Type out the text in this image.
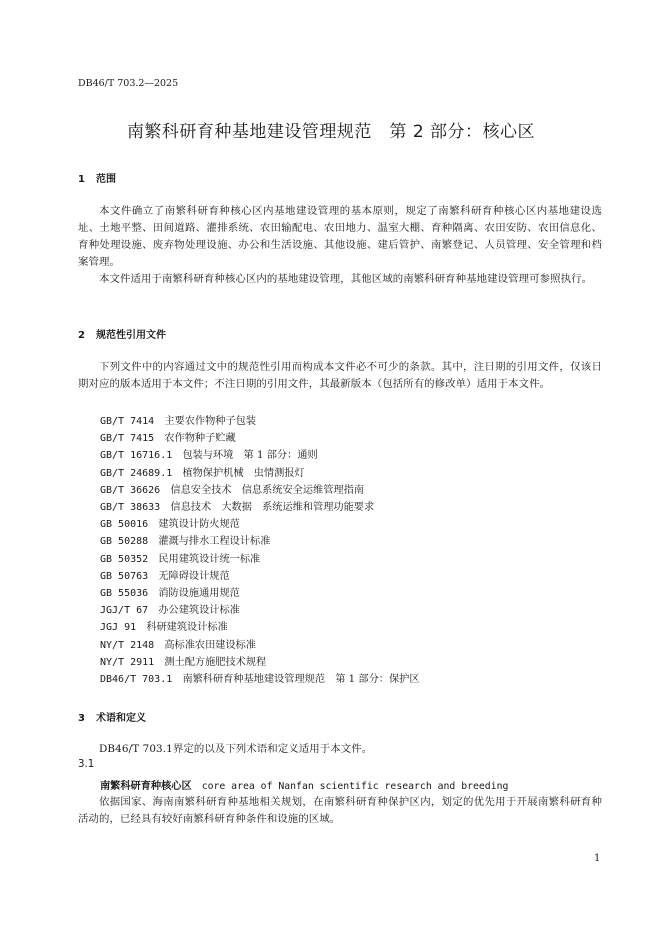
DB46/T 703.2—2025
南繁科研育种基地建设管理规范　第 2 部分：核心区
1 范围

本文件确立了南繁科研育种核心区内基地建设管理的基本原则，规定了南繁科研育种核心区内基地建设选址、土地平整、田间道路、灌排系统、农田输配电、农田地力、温室大棚、育种隔离、农田安防、农田信息化、育种处理设施、废弃物处理设施、办公和生活设施、其他设施、建后管护、南繁登记、人员管理、安全管理和档案管理。

本文件适用于南繁科研育种核心区内的基地建设管理，其他区域的南繁科研育种基地建设管理可参照执行。

2 规范性引用文件

下列文件中的内容通过文中的规范性引用而构成本文件必不可少的条款。其中，注日期的引用文件，仅该日期对应的版本适用于本文件；不注日期的引用文件，其最新版本（包括所有的修改单）适用于本文件。

GB/T 7414　 主要农作物种子包装
GB/T 7415　 农作物种子贮藏
GB/T 16716.1　 包装与环境　第 1 部分：通则
GB/T 24689.1　 植物保护机械　虫情测报灯
GB/T 36626　 信息安全技术　信息系统安全运维管理指南
GB/T 38633　 信息技术　大数据　系统运维和管理功能要求
GB 50016　 建筑设计防火规范
GB 50288　 灌溉与排水工程设计标准
GB 50352　 民用建筑设计统一标准
GB 50763　 无障碍设计规范
GB 55036　 消防设施通用规范
JGJ/T 67　 办公建筑设计标准
JGJ 91　 科研建筑设计标准
NY/T 2148　 高标准农田建设标准
NY/T 2911　 测土配方施肥技术规程
DB46/T 703.1　 南繁科研育种基地建设管理规范　第 1 部分：保护区
3 术语和定义

DB46/T 703.1界定的以及下列术语和定义适用于本文件。

3.1
南繁科研育种核心区 core area of Nanfan scientific research and breeding

依据国家、海南南繁科研育种基地相关规划，在南繁科研育种保护区内，划定的优先用于开展南繁科研育种活动的，已经具有较好南繁科研育种条件和设施的区域。

1
